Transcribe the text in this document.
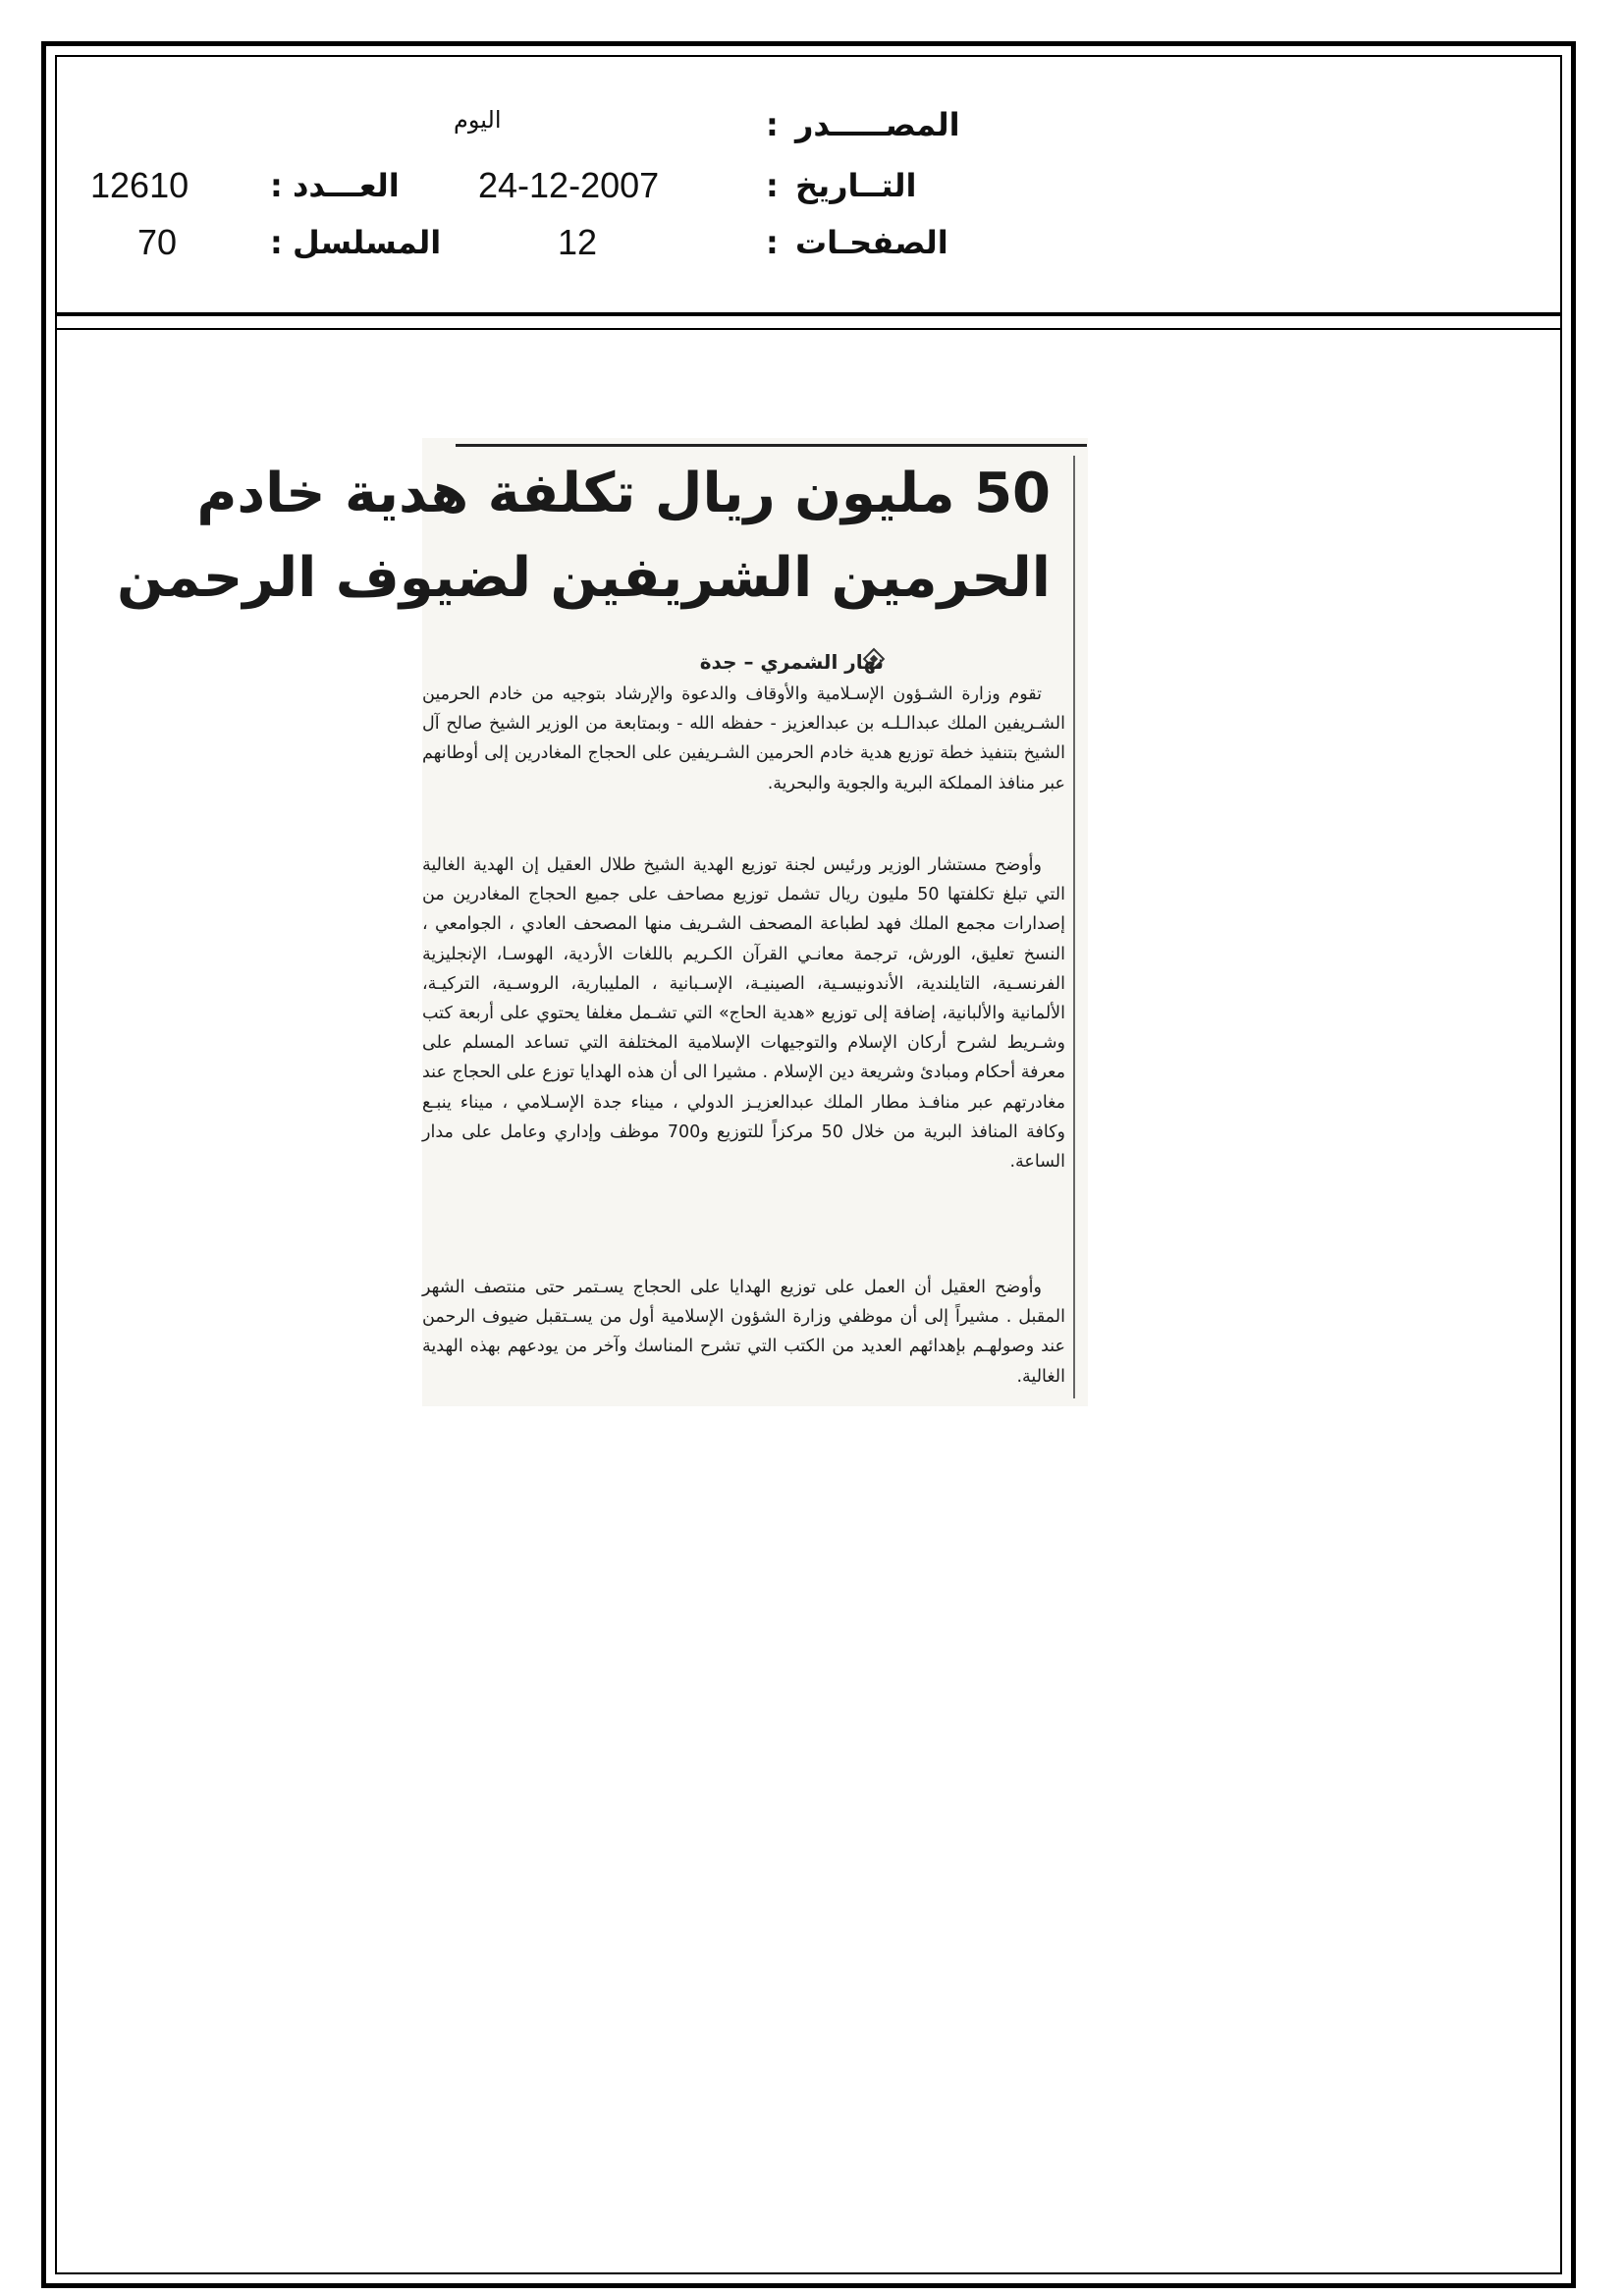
المصـــــدر
:
اليوم
التــاريخ
:
24-12-2007
العـــدد
:
12610
الصفحـات
:
12
المسلسل
:
70
50 مليون ريال تكلفة هدية خادم
الحرمين الشريفين لضيوف الرحمن
نهار الشمري – جدة

تقوم وزارة الشـؤون الإسـلامية والأوقاف والدعوة والإرشاد بتوجيه من خادم الحرمين الشـريفين الملك عبدالـلـه بن عبدالعزيز - حفظه الله - وبمتابعة من الوزير الشيخ صالح آل الشيخ بتنفيذ خطة توزيع هدية خادم الحرمين الشـريفين على الحجاج المغادرين إلى أوطانهم عبر منافذ المملكة البرية والجوية والبحرية.

وأوضح مستشار الوزير ورئيس لجنة توزيع الهدية الشيخ طلال العقيل إن الهدية الغالية التي تبلغ تكلفتها 50 مليون ريال تشمل توزيع مصاحف على جميع الحجاج المغادرين من إصدارات مجمع الملك فهد لطباعة المصحف الشـريف منها المصحف العادي ، الجوامعي ، النسخ تعليق، الورش، ترجمة معانـي القرآن الكـريم باللغات الأردية، الهوسـا، الإنجليزية الفرنسـية، التايلندية، الأندونيسـية، الصينيـة، الإسـبانية ، المليبارية، الروسـية، التركيـة، الألمانية والألبانية، إضافة إلى توزيع «هدية الحاج» التي تشـمل مغلفا يحتوي على أربعة كتب وشـريط لشرح أركان الإسلام والتوجيهات الإسلامية المختلفة التي تساعد المسلم على معرفة أحكام ومبادئ وشريعة دين الإسلام . مشيرا الى أن هذه الهدايا توزع على الحجاج عند مغادرتهم عبر منافـذ مطار الملك عبدالعزيـز الدولي ، ميناء جدة الإسـلامي ، ميناء ينبـع وكافة المنافذ البرية من خلال 50 مركزاً للتوزيع و700 موظف وإداري وعامل على مدار الساعة.

وأوضح العقيل أن العمل على توزيع الهدايا على الحجاج يسـتمر حتى منتصف الشهر المقبل . مشيراً إلى أن موظفي وزارة الشؤون الإسلامية أول من يسـتقبل ضيوف الرحمن عند وصولهـم بإهدائهم العديد من الكتب التي تشرح المناسك وآخر من يودعهم بهذه الهدية الغالية.
